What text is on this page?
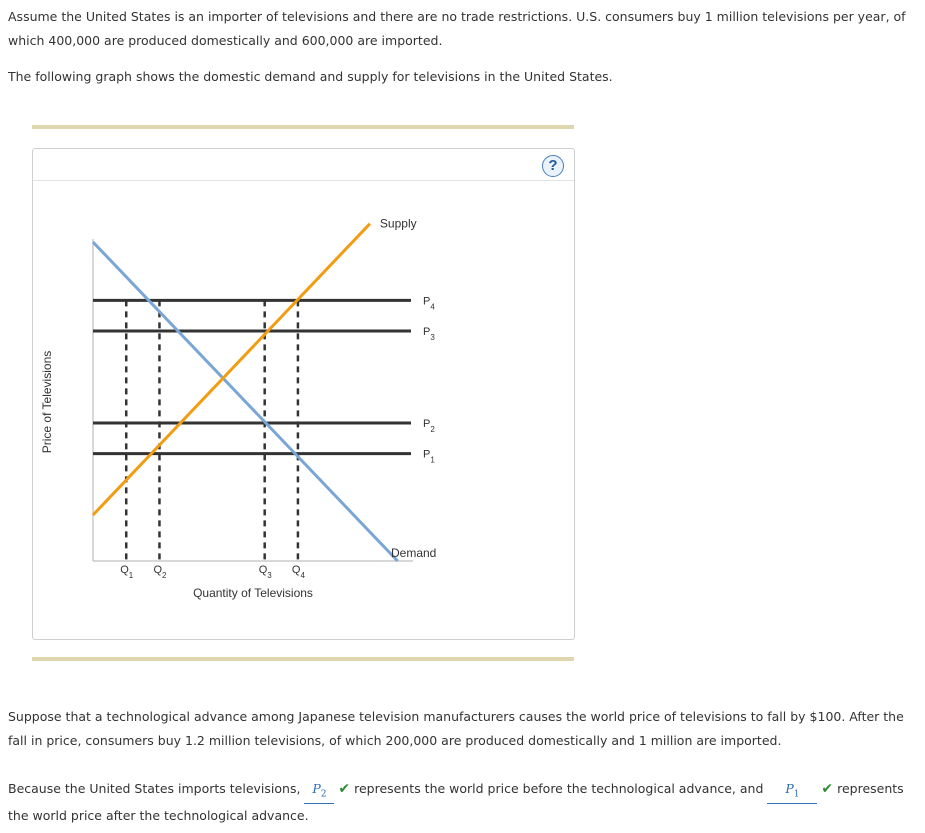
Assume the United States is an importer of televisions and there are no trade restrictions. U.S. consumers buy 1 million televisions per year, of which 400,000 are produced domestically and 600,000 are imported.

The following graph shows the domestic demand and supply for televisions in the United States.

?
$Q_1$ $Q_2$	$Q_3$ $Q_4$
$P_4$
$P_3$
$P_2$
$P_1$
Supply
Demand
Quantity of Televisions
Price of Televisions

Suppose that a technological advance among Japanese television manufacturers causes the world price of televisions to fall by $100. After the fall in price, consumers buy 1.2 million televisions, of which 200,000 are produced domestically and 1 million are imported.

Because the United States imports televisions, $P_2$ ✔ represents the world price before the technological advance, and $P_1$ ✔ represents the world price after the technological advance.
